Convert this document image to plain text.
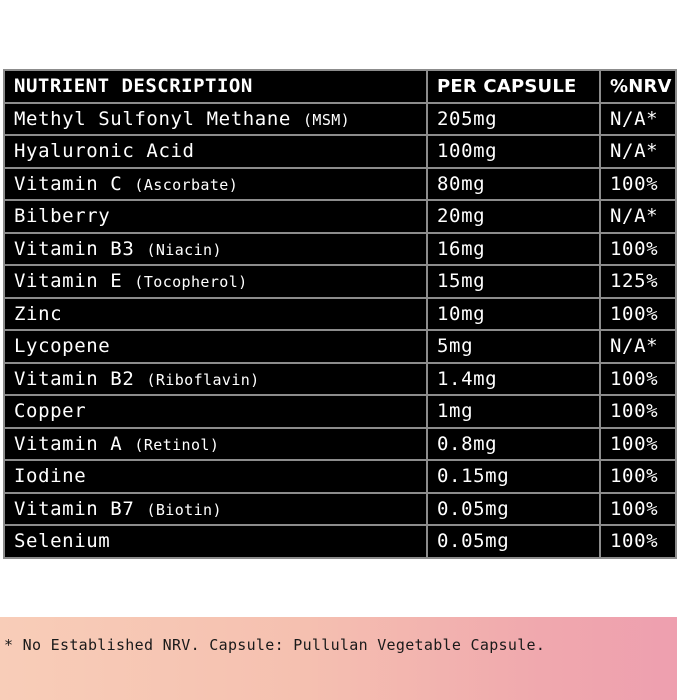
NUTRIENT DESCRIPTION	PER CAPSULE	%NRV
Methyl Sulfonyl Methane (MSM)	205mg	N/A*
Hyaluronic Acid	100mg	N/A*
Vitamin C (Ascorbate)	80mg	100%
Bilberry	20mg	N/A*
Vitamin B3 (Niacin)	16mg	100%
Vitamin E (Tocopherol)	15mg	125%
Zinc	10mg	100%
Lycopene	5mg	N/A*
Vitamin B2 (Riboflavin)	1.4mg	100%
Copper	1mg	100%
Vitamin A (Retinol)	0.8mg	100%
Iodine	0.15mg	100%
Vitamin B7 (Biotin)	0.05mg	100%
Selenium	0.05mg	100%
* No Established NRV. Capsule: Pullulan Vegetable Capsule.
